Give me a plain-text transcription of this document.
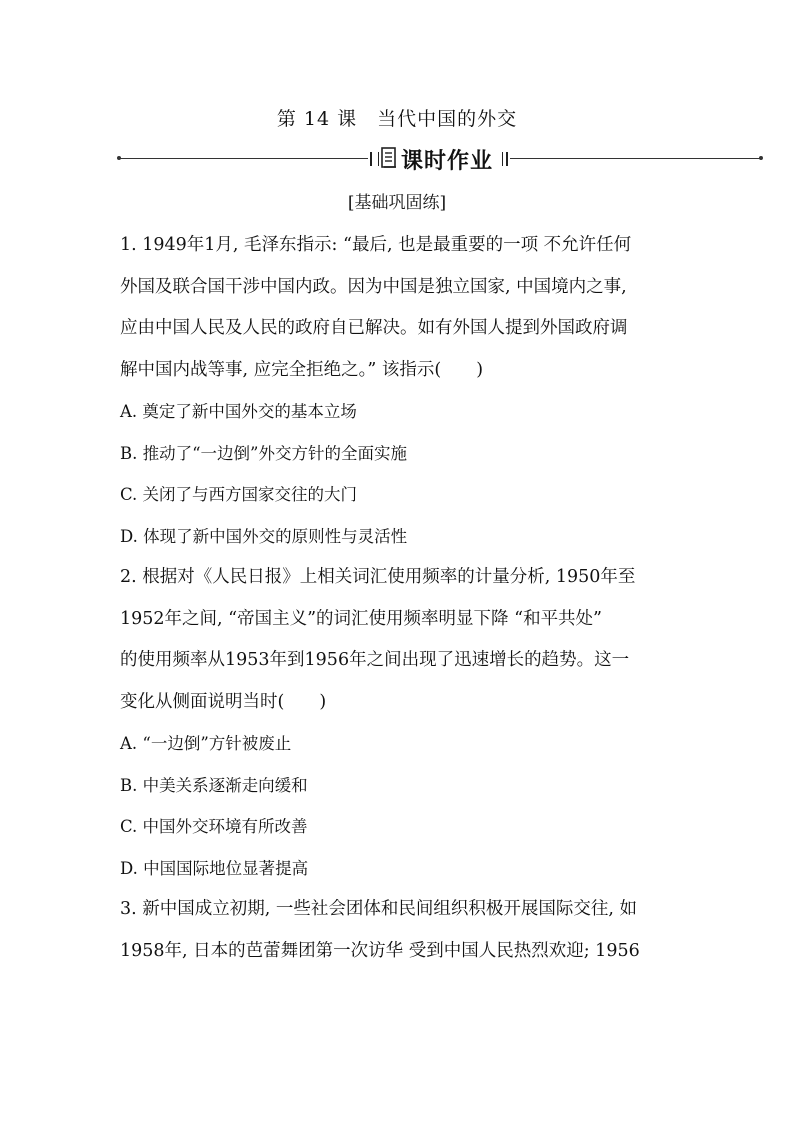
第 14 课　当代中国的外交
课时作业
[基础巩固练]

1. 1949年1月, 毛泽东指示: “最后, 也是最重要的一项 不允许任何

外国及联合国干涉中国内政。因为中国是独立国家, 中国境内之事,

应由中国人民及人民的政府自已解决。如有外国人提到外国政府调

解中国内战等事, 应完全拒绝之。” 该指示(　　)

A. 奠定了新中国外交的基本立场

B. 推动了“一边倒”外交方针的全面实施

C. 关闭了与西方国家交往的大门

D. 体现了新中国外交的原则性与灵活性

2. 根据对《人民日报》上相关词汇使用频率的计量分析, 1950年至

1952年之间, “帝国主义”的词汇使用频率明显下降 “和平共处”

的使用频率从1953年到1956年之间出现了迅速增长的趋势。这一

变化从侧面说明当时(　　)

A. “一边倒”方针被废止

B. 中美关系逐渐走向缓和

C. 中国外交环境有所改善

D. 中国国际地位显著提高

3. 新中国成立初期, 一些社会团体和民间组织积极开展国际交往, 如

1958年, 日本的芭蕾舞团第一次访华 受到中国人民热烈欢迎; 1956
